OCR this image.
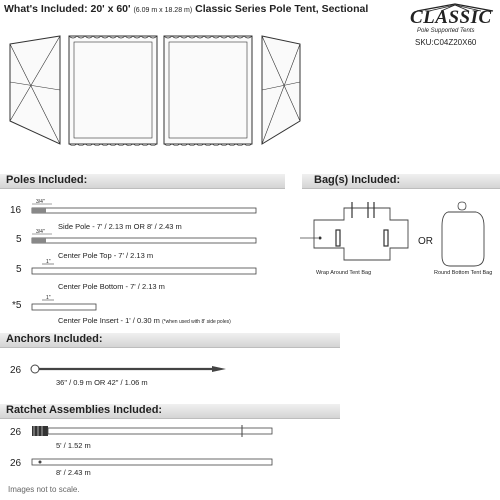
What's Included: 20' x 60' (6.09 m x 18.28 m) Classic Series Pole Tent, Sectional CLASSIC
Pole Supported Tents
SKU:C04Z20X60
Poles Included:
16
3/4"
Side Pole - 7' / 2.13 m OR 8' / 2.43 m
5
3/4"
Center Pole Top - 7' / 2.13 m
5
1"
Center Pole Bottom - 7' / 2.13 m
*5
1"
Center Pole Insert - 1' / 0.30 m (*when used with 8' side poles)
Bag(s) Included:
Wrap Around Tent Bag
OR
Round Bottom Tent Bag
Anchors Included:
26
36" / 0.9 m OR 42" / 1.06 m
Ratchet Assemblies Included:
26
5' / 1.52 m
26
8' / 2.43 m
Images not to scale.
